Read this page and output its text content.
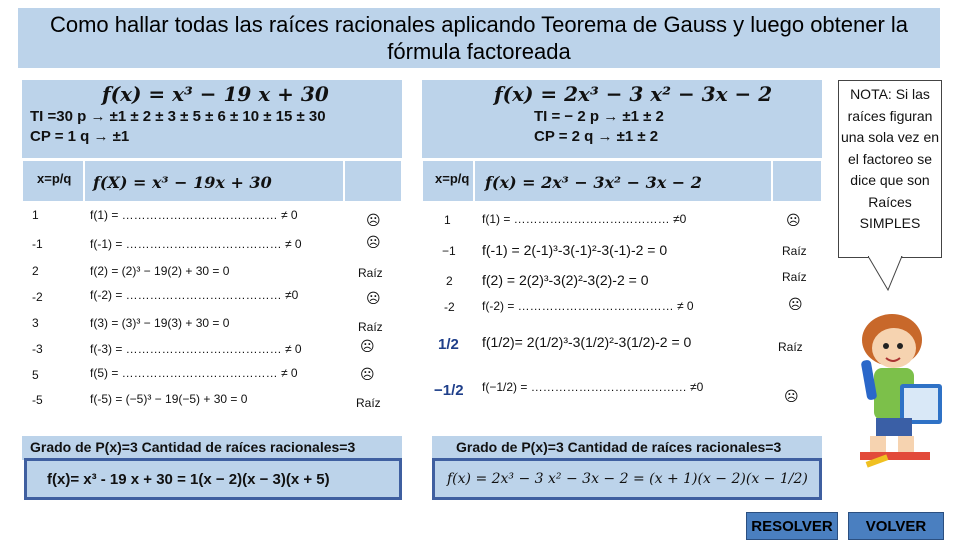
Como hallar todas las raíces racionales aplicando Teorema de Gauss y luego obtener la fórmula factoreada
f(x) = x³ − 19 x + 30
TI =30 p → ±1 ± 2 ± 3 ± 5 ± 6 ± 10 ± 15 ± 30
CP = 1 q → ±1
x=p/q	f(X) = x³ − 19x + 30
1	f(1) = ………………………………… ≠ 0	☹
-1	f(-1) = ………………………………… ≠ 0	☹
2	f(2) = (2)³ − 19(2) + 30 = 0	Raíz
-2	f(-2) = ………………………………… ≠0	☹
3	f(3) = (3)³ − 19(3) + 30 = 0	Raíz
-3	f(-3) = ………………………………… ≠ 0	☹
5	f(5) = ………………………………… ≠ 0	☹
-5	f(-5) = (−5)³ − 19(−5) + 30 = 0	Raíz
Grado de P(x)=3 Cantidad de raíces racionales=3
f(x)= x³ - 19 x + 30 = 1(x − 2)(x − 3)(x + 5)
f(x) = 2x³ − 3 x² − 3x − 2
TI = − 2 p → ±1 ± 2
CP = 2 q → ±1 ± 2
x=p/q f(x) = 2x³ − 3x² − 3x − 2
1	f(1) = ………………………………… ≠0	☹
−1 f(-1) = 2(-1)³-3(-1)²-3(-1)-2 = 0	Raíz
2 f(2) = 2(2)³-3(2)²-3(2)-2 = 0	Raíz
-2 f(-2) = ………………………………… ≠ 0	☹
1/2 f(1/2)= 2(1/2)³-3(1/2)²-3(1/2)-2 = 0	Raíz
−1/2 f(−1/2) = ………………………………… ≠0
☹
Grado de P(x)=3 Cantidad de raíces racionales=3
f(x) = 2x³ − 3 x² − 3x − 2 = (x + 1)(x − 2)(x − 1/2)
NOTA: Si las raíces figuran una sola vez en el factoreo se dice que son Raíces SIMPLES
RESOLVER	VOLVER
